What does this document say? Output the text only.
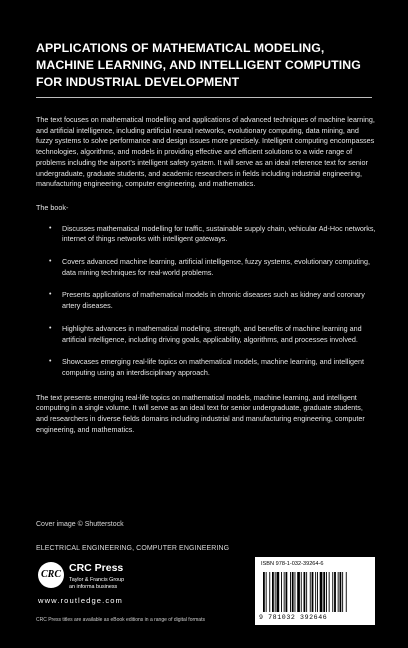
APPLICATIONS OF MATHEMATICAL MODELING,
MACHINE LEARNING, AND INTELLIGENT COMPUTING
FOR INDUSTRIAL DEVELOPMENT

The text focuses on mathematical modelling and applications of advanced techniques of machine learning, and artificial intelligence, including artificial neural networks, evolutionary computing, data mining, and fuzzy systems to solve performance and design issues more precisely. Intelligent computing encompasses technologies, algorithms, and models in providing effective and efficient solutions to a wide range of problems including the airport’s intelligent safety system. It will serve as an ideal reference text for senior undergraduate, graduate students, and academic researchers in fields including industrial engineering, manufacturing engineering, computer engineering, and mathematics.

The book-

• Discusses mathematical modelling for traffic, sustainable supply chain, vehicular Ad-Hoc networks, internet of things networks with intelligent gateways.
• Covers advanced machine learning, artificial intelligence, fuzzy systems, evolutionary computing, data mining techniques for real-world problems.
• Presents applications of mathematical models in chronic diseases such as kidney and coronary artery diseases.
• Highlights advances in mathematical modeling, strength, and benefits of machine learning and artificial intelligence, including driving goals, applicability, algorithms, and processes involved.
• Showcases emerging real-life topics on mathematical models, machine learning, and intelligent computing using an interdisciplinary approach.

The text presents emerging real-life topics on mathematical models, machine learning, and intelligent computing in a single volume. It will serve as an ideal text for senior undergraduate, graduate students, and researchers in diverse fields domains including industrial and manufacturing engineering, computer engineering, and mathematics.

Cover image © Shutterstock
ELECTRICAL ENGINEERING, COMPUTER ENGINEERING
CRC
CRC Press
Taylor & Francis Group
an informa business
www.routledge.com
CRC Press titles are available as eBook editions in a range of digital formats
ISBN 978-1-032-39264-6
9 781032 392646
